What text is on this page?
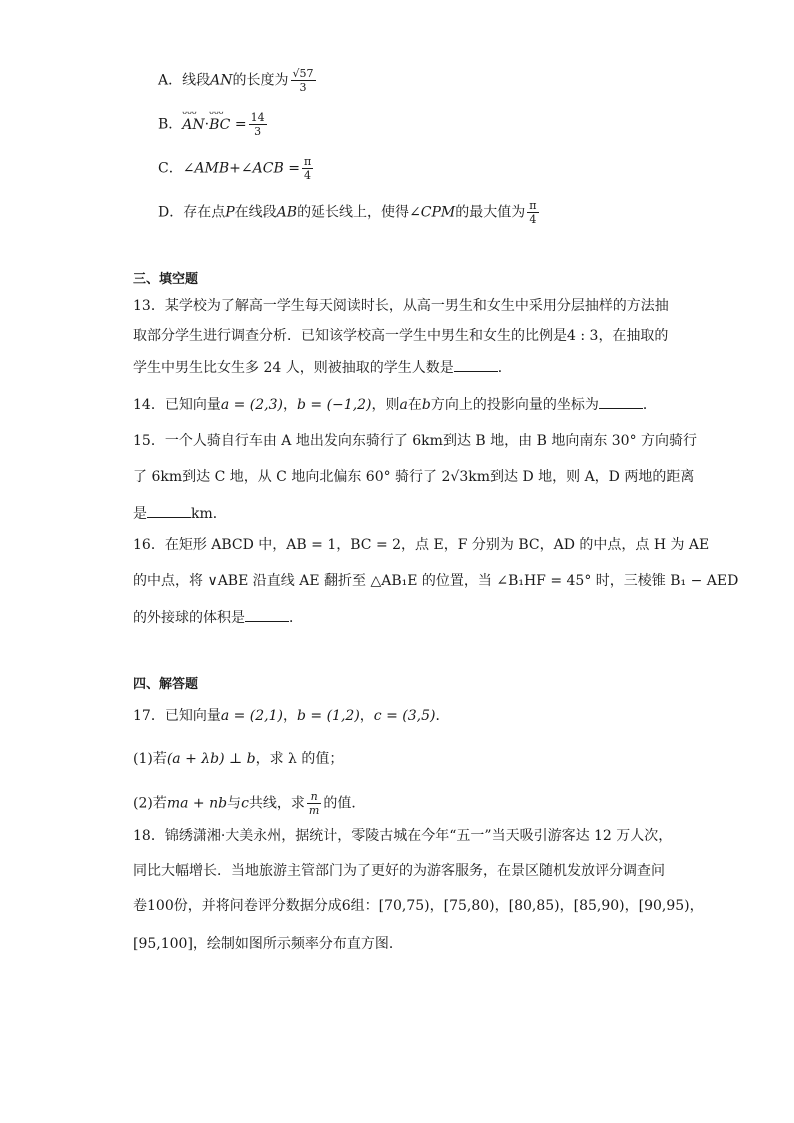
A．线段AN的长度为 $\frac{√57}{3}$
B．
ᴗᴗᴗ
AN·
ᴗᴗᴗ
BC = $\frac{14}{3}$
C．∠AMB+∠ACB = $\frac{\pi}{4}$
D．存在点P在线段AB的延长线上，使得∠CPM的最大值为 $\frac{\pi}{4}$
三、填空题
13．某学校为了解高一学生每天阅读时长，从高一男生和女生中采用分层抽样的方法抽
取部分学生进行调查分析．已知该学校高一学生中男生和女生的比例是4 : 3，在抽取的
学生中男生比女生多 24 人，则被抽取的学生人数是	．
14．已知向量a = (2,3)，b = (−1,2)，则a在b方向上的投影向量的坐标为	．
15．一个人骑自行车由 A 地出发向东骑行了 6km到达 B 地，由 B 地向南东 30° 方向骑行
了 6km到达 C 地，从 C 地向北偏东 60° 骑行了 2√3km到达 D 地，则 A，D 两地的距离
是	km．
16．在矩形 ABCD 中，AB = 1，BC = 2，点 E，F 分别为 BC，AD 的中点，点 H 为 AE
的中点，将 ∨ABE 沿直线 AE 翻折至 △AB₁E 的位置，当 ∠B₁HF = 45° 时，三棱锥 B₁ − AED
的外接球的体积是	．
四、解答题
17．已知向量a = (2,1)，b = (1,2)，c = (3,5)．
(1)若(a + λb) ⊥ b，求 λ 的值；
(2)若ma + nb与c共线，求 $\frac{n}{m}$ 的值．
18．锦绣潇湘·大美永州，据统计，零陵古城在今年“五一”当天吸引游客达 12 万人次，
同比大幅增长．当地旅游主管部门为了更好的为游客服务，在景区随机发放评分调查问
卷100份，并将问卷评分数据分成6组：[70,75)，[75,80)，[80,85)，[85,90)，[90,95)，
[95,100]，绘制如图所示频率分布直方图．
